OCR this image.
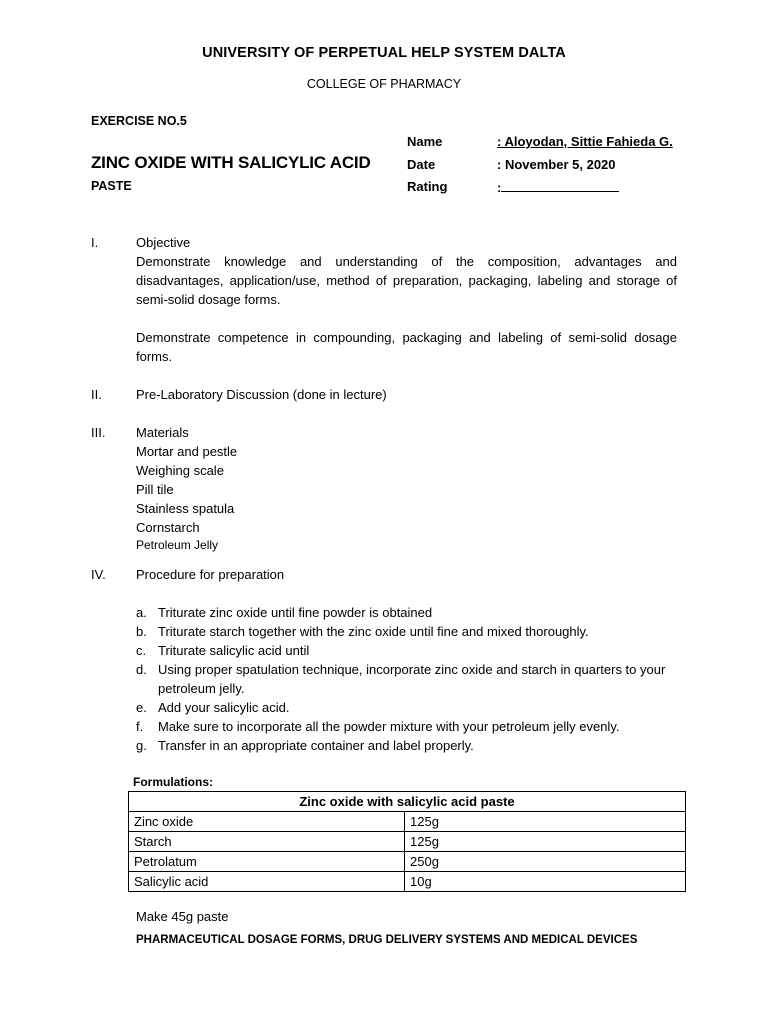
UNIVERSITY OF PERPETUAL HELP SYSTEM DALTA

COLLEGE OF PHARMACY

EXERCISE NO.5

ZINC OXIDE WITH SALICYLIC ACID

PASTE

Name	: Aloyodan, Sittie Fahieda G.

Date	: November 5, 2020

Rating	:

I.	Objective

Demonstrate knowledge and understanding of the composition, advantages and disadvantages, application/use, method of preparation, packaging, labeling and storage of semi-solid dosage forms.

Demonstrate competence in compounding, packaging and labeling of semi-solid dosage forms.

II.	Pre-Laboratory Discussion (done in lecture)

III. Materials

Mortar and pestle

Weighing scale

Pill tile

Stainless spatula

Cornstarch

Petroleum Jelly

IV. Procedure for preparation

a. Triturate zinc oxide until fine powder is obtained
b. Triturate starch together with the zinc oxide until fine and mixed thoroughly.
c. Triturate salicylic acid until
d. Using proper spatulation technique, incorporate zinc oxide and starch in quarters to your petroleum jelly.
e. Add your salicylic acid.
f.	Make sure to incorporate all the powder mixture with your petroleum jelly evenly.
g. Transfer in an appropriate container and label properly.

Formulations:

Zinc oxide with salicylic acid paste	
Zinc oxide	125g
Starch	125g
Petrolatum	250g
Salicylic acid	10g

Make 45g paste

PHARMACEUTICAL DOSAGE FORMS, DRUG DELIVERY SYSTEMS AND MEDICAL DEVICES
